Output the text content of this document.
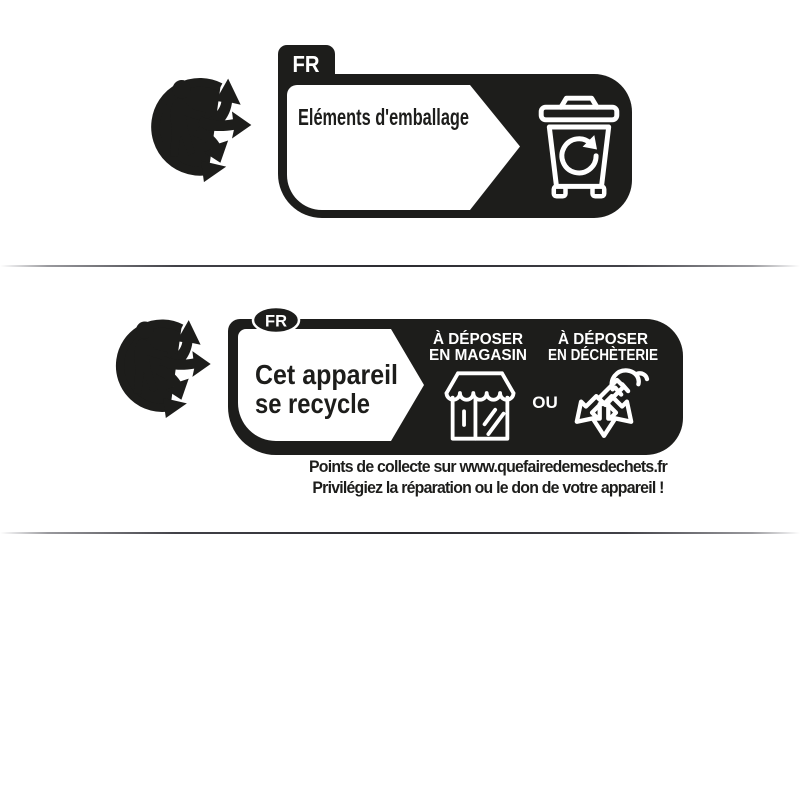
FR
Eléments d'emballage
FR
Cet appareil
se recycle
À DÉPOSER
EN MAGASIN
OU
À DÉPOSER
EN DÉCHÈTERIE
Points de collecte sur www.quefairedemesdechets.fr
Privilégiez la réparation ou le don de votre appareil !
